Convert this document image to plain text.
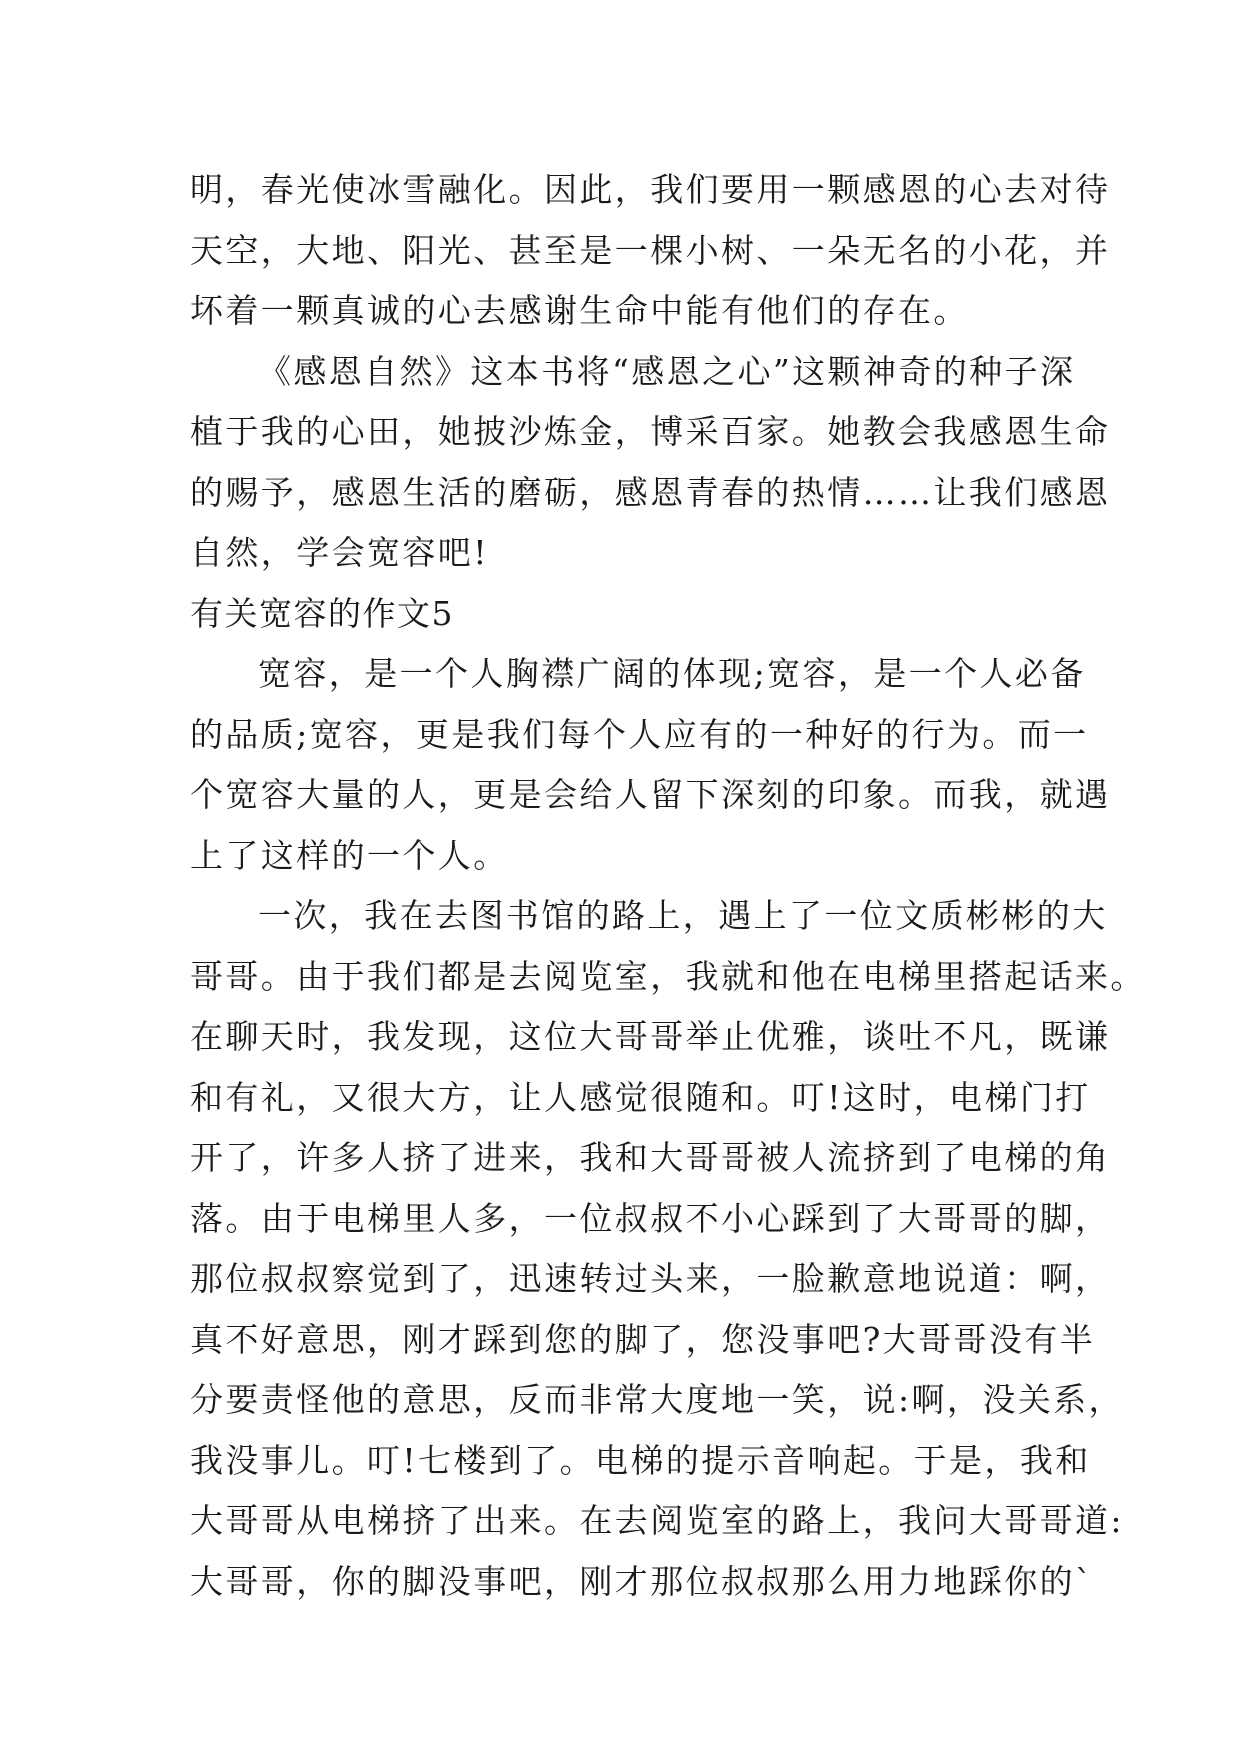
明，春光使冰雪融化。因此，我们要用一颗感恩的心去对待
天空，大地、阳光、甚至是一棵小树、一朵无名的小花，并
坏着一颗真诚的心去感谢生命中能有他们的存在。
《感恩自然》这本书将“感恩之心”这颗神奇的种子深
植于我的心田，她披沙炼金，博采百家。她教会我感恩生命
的赐予，感恩生活的磨砺，感恩青春的热情……让我们感恩
自然，学会宽容吧!
有关宽容的作文5
宽容，是一个人胸襟广阔的体现;宽容，是一个人必备
的品质;宽容，更是我们每个人应有的一种好的行为。而一
个宽容大量的人，更是会给人留下深刻的印象。而我，就遇
上了这样的一个人。
一次，我在去图书馆的路上，遇上了一位文质彬彬的大
哥哥。由于我们都是去阅览室，我就和他在电梯里搭起话来。
在聊天时，我发现，这位大哥哥举止优雅，谈吐不凡，既谦
和有礼，又很大方，让人感觉很随和。叮!这时，电梯门打
开了，许多人挤了进来，我和大哥哥被人流挤到了电梯的角
落。由于电梯里人多，一位叔叔不小心踩到了大哥哥的脚，
那位叔叔察觉到了，迅速转过头来，一脸歉意地说道：啊，
真不好意思，刚才踩到您的脚了，您没事吧?大哥哥没有半
分要责怪他的意思，反而非常大度地一笑，说:啊，没关系，
我没事儿。叮!七楼到了。电梯的提示音响起。于是，我和
大哥哥从电梯挤了出来。在去阅览室的路上，我问大哥哥道:
大哥哥，你的脚没事吧，刚才那位叔叔那么用力地踩你的`
